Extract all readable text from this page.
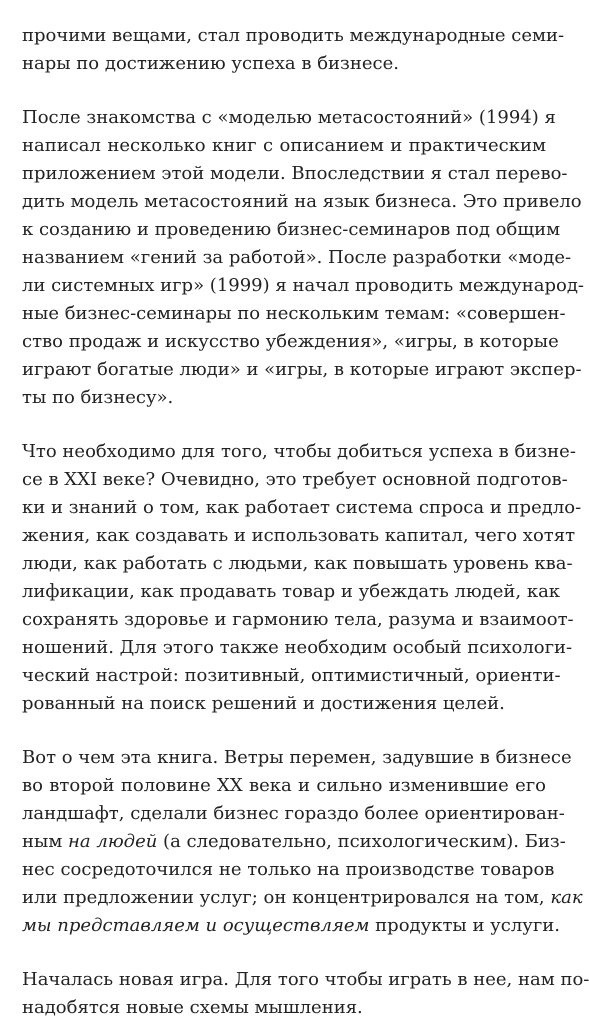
прочими вещами, стал проводить международные семи-
нары по достижению успеха в бизнесе.

После знакомства с «моделью метасостояний» (1994) я
написал несколько книг с описанием и практическим
приложением этой модели. Впоследствии я стал перево-
дить модель метасостояний на язык бизнеса. Это привело
к созданию и проведению бизнес-семинаров под общим
названием «гений за работой». После разработки «моде-
ли системных игр» (1999) я начал проводить международ-
ные бизнес-семинары по нескольким темам: «совершен-
ство продаж и искусство убеждения», «игры, в которые
играют богатые люди» и «игры, в которые играют экспер-
ты по бизнесу».

Что необходимо для того, чтобы добиться успеха в бизне-
се в XXI веке? Очевидно, это требует основной подготов-
ки и знаний о том, как работает система спроса и предло-
жения, как создавать и использовать капитал, чего хотят
люди, как работать с людьми, как повышать уровень ква-
лификации, как продавать товар и убеждать людей, как
сохранять здоровье и гармонию тела, разума и взаимоот-
ношений. Для этого также необходим особый психологи-
ческий настрой: позитивный, оптимистичный, ориенти-
рованный на поиск решений и достижения целей.

Вот о чем эта книга. Ветры перемен, задувшие в бизнесе
во второй половине XX века и сильно изменившие его
ландшафт, сделали бизнес гораздо более ориентирован-
ным на людей (а следовательно, психологическим). Биз-
нес сосредоточился не только на производстве товаров
или предложении услуг; он концентрировался на том, как
мы представляем и осуществляем продукты и услуги.

Началась новая игра. Для того чтобы играть в нее, нам по-
надобятся новые схемы мышления.
